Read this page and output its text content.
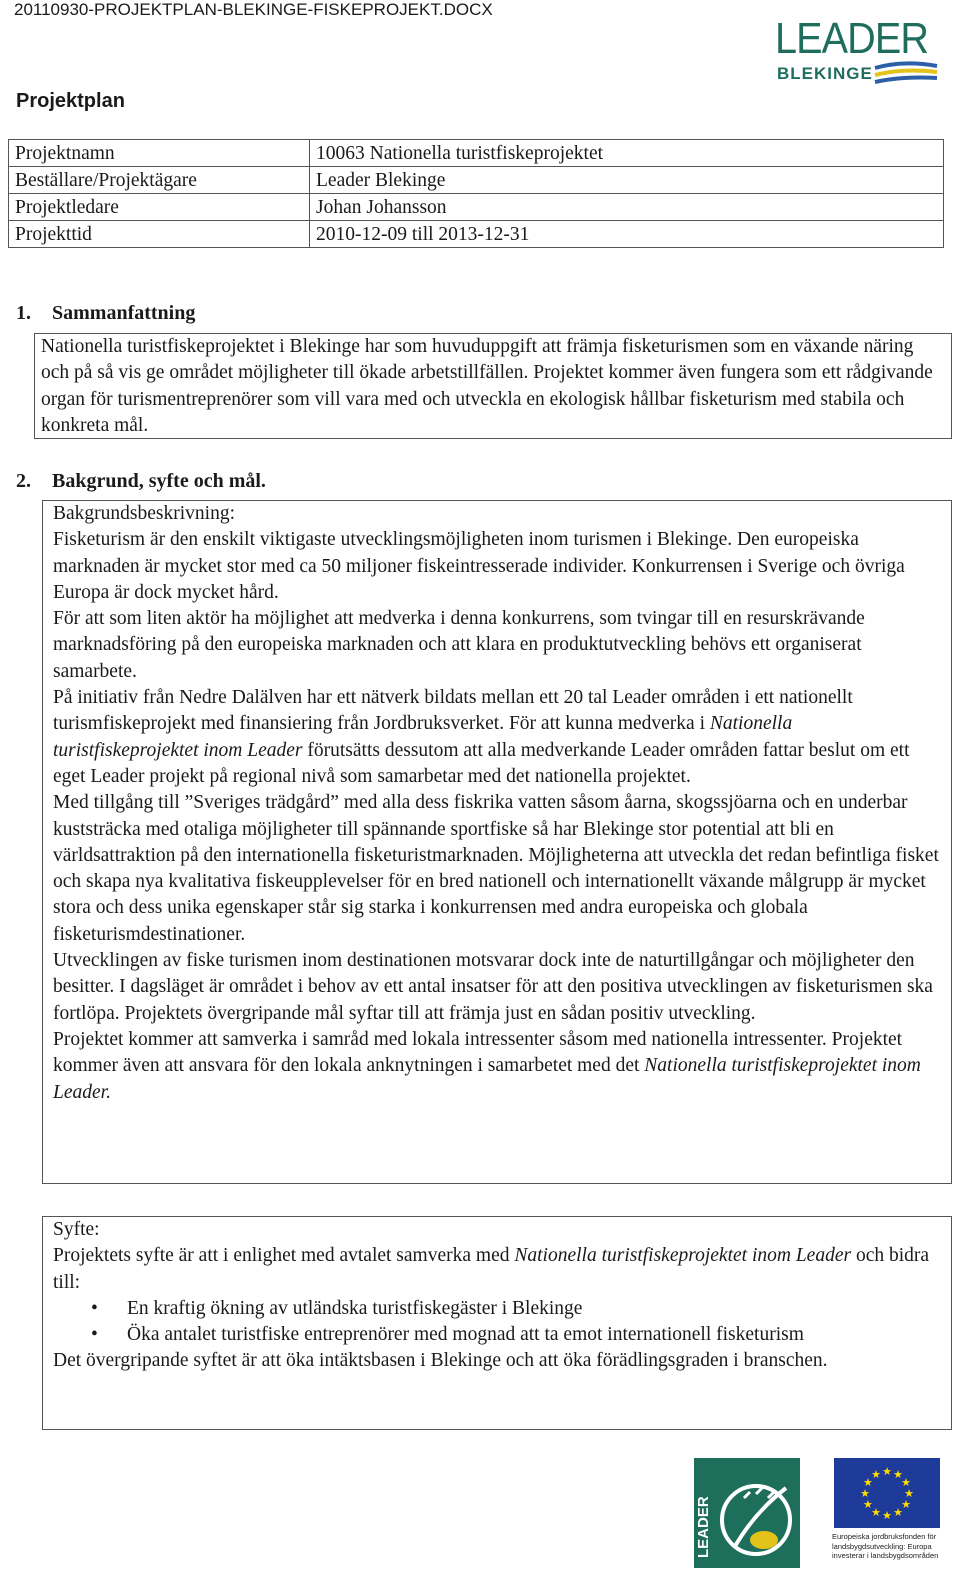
20110930-PROJEKTPLAN-BLEKINGE-FISKEPROJEKT.DOCX
LEADER
BLEKINGE
Projektplan
Projektnamn	10063 Nationella turistfiskeprojektet
Beställare/Projektägare	Leader Blekinge
Projektledare	Johan Johansson
Projekttid	2010-12-09 till 2013-12-31
1. Sammanfattning

Nationella turistfiskeprojektet i Blekinge har som huvuduppgift att främja fisketurismen som en växande näring och på så vis ge området möjligheter till ökade arbetstillfällen. Projektet kommer även fungera som ett rådgivande organ för turismentreprenörer som vill vara med och utveckla en ekologisk hållbar fisketurism med stabila och konkreta mål.

2. Bakgrund, syfte och mål.

Bakgrundsbeskrivning:

Fisketurism är den enskilt viktigaste utvecklingsmöjligheten inom turismen i Blekinge. Den europeiska marknaden är mycket stor med ca 50 miljoner fiskeintresserade individer. Konkurrensen i Sverige och övriga Europa är dock mycket hård.

För att som liten aktör ha möjlighet att medverka i denna konkurrens, som tvingar till en resurskrävande marknadsföring på den europeiska marknaden och att klara en produktutveckling behövs ett organiserat samarbete.

På initiativ från Nedre Dalälven har ett nätverk bildats mellan ett 20 tal Leader områden i ett nationellt turismfiskeprojekt med finansiering från Jordbruksverket. För att kunna medverka i Nationella turistfiskeprojektet inom Leader förutsätts dessutom att alla medverkande Leader områden fattar beslut om ett eget Leader projekt på regional nivå som samarbetar med det nationella projektet.

Med tillgång till ”Sveriges trädgård” med alla dess fiskrika vatten såsom åarna, skogssjöarna och en underbar kuststräcka med otaliga möjligheter till spännande sportfiske så har Blekinge stor potential att bli en världsattraktion på den internationella fisketuristmarknaden. Möjligheterna att utveckla det redan befintliga fisket och skapa nya kvalitativa fiskeupplevelser för en bred nationell och internationellt växande målgrupp är mycket stora och dess unika egenskaper står sig starka i konkurrensen med andra europeiska och globala fisketurismdestinationer.

Utvecklingen av fiske turismen inom destinationen motsvarar dock inte de naturtillgångar och möjligheter den besitter. I dagsläget är området i behov av ett antal insatser för att den positiva utvecklingen av fisketurismen ska fortlöpa. Projektets övergripande mål syftar till att främja just en sådan positiv utveckling.

Projektet kommer att samverka i samråd med lokala intressenter såsom med nationella intressenter. Projektet kommer även att ansvara för den lokala anknytningen i samarbetet med det Nationella turistfiskeprojektet inom Leader.

Syfte:

Projektets syfte är att i enlighet med avtalet samverka med Nationella turistfiskeprojektet inom Leader och bidra till:

• En kraftig ökning av utländska turistfiskegäster i Blekinge
• Öka antalet turistfiske entreprenörer med mognad att ta emot internationell fisketurism

Det övergripande syftet är att öka intäktsbasen i Blekinge och att öka förädlingsgraden i branschen.

LEADER
★ ★
★
★
★
★
★
★
★
★
★
★
Europeiska jordbruksfonden för landsbygdsutveckling: Europa investerar i landsbygdsområden
